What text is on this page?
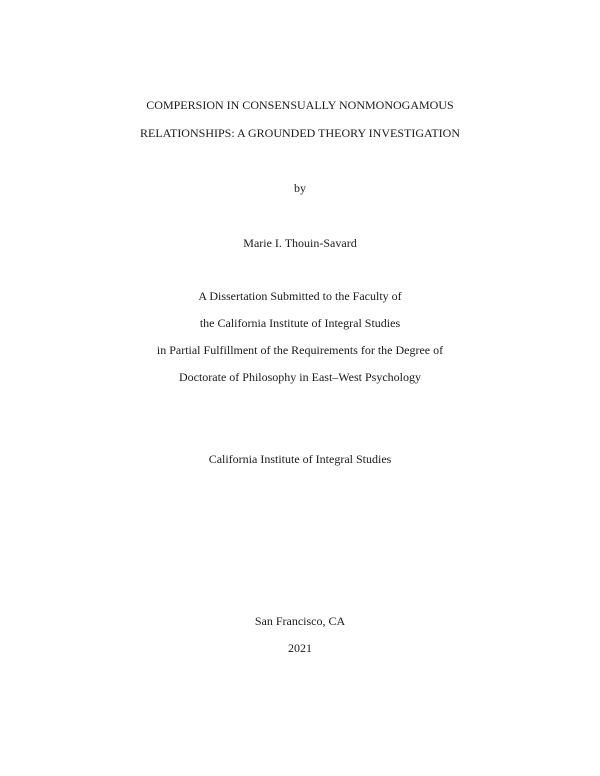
COMPERSION IN CONSENSUALLY NONMONOGAMOUS
RELATIONSHIPS: A GROUNDED THEORY INVESTIGATION
by
Marie I. Thouin-Savard
A Dissertation Submitted to the Faculty of
the California Institute of Integral Studies
in Partial Fulfillment of the Requirements for the Degree of
Doctorate of Philosophy in East–West Psychology
California Institute of Integral Studies
San Francisco, CA
2021
